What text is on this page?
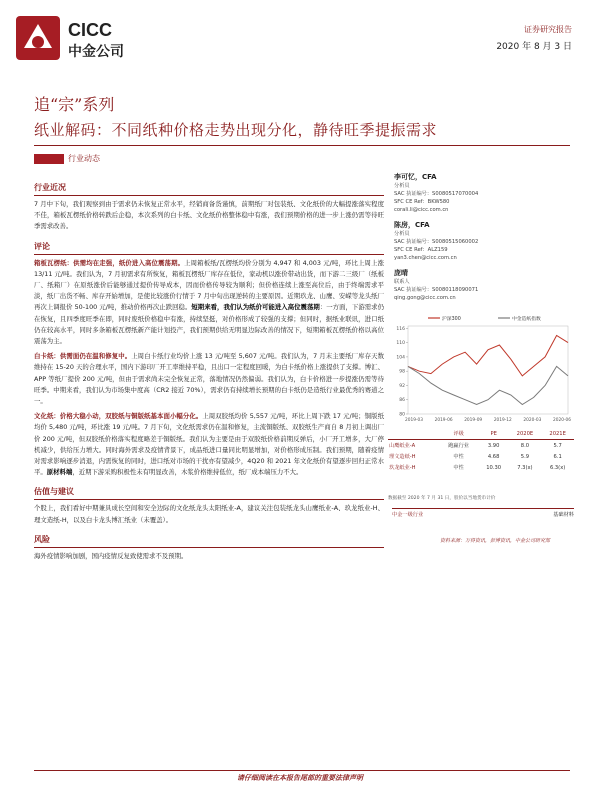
CICC
中金公司
证券研究报告
2020 年 8 月 3 日
追“宗”系列
纸业解码：不同纸种价格走势出现分化，静待旺季提振需求
行业动态
行业近况

7 月中下旬，我们观察到由于需求仍未恢复正常水平，经销商备货谨慎，前期纸厂对包装纸、文化纸价的大幅提涨落实程度不佳，箱板瓦楞纸价格转跌后企稳，本次系列的白卡纸、文化纸价格整体稳中有涨，我们预期价格的进一步上涨仍需等待旺季需求改善。

评论

箱板瓦楞纸：供需均在走强，纸价进入高位震荡期。上周箱板纸/瓦楞纸均价分别为 4,947 和 4,003 元/吨，环比上周上涨 13/11 元/吨。我们认为，7 月初需求有所恢复，箱板瓦楞纸厂库存在低位，家动机以涨价带动出货，而下游二三级厂（纸板厂、纸箱厂）在原纸涨价后能够通过提价传导成本，因而价格传导较为顺利；但价格连续上涨至高位后，由于终端需求平淡，纸厂出货不畅、库存开始增加，是使比较涨价行情于 7 月中旬出现逆转的主要原因。近期玖龙、山鹰、安嵘等龙头纸厂再次上调报价 50-100 元/吨，推动价格再次止跌回稳。短期来看，我们认为纸价可能进入高位震荡期：一方面，下游需求仍在恢复，且四季度旺季在即，同时废纸价格稳中有涨，持续坚挺，对价格形成了较强的支撑；但同时，据纸业联讯，进口纸仍在较高水平，同时多条箱板瓦楞纸新产能计划投产，我们预期供给无明显边际改善的情况下，短期箱板瓦楞纸价格以高位震荡为主。

白卡纸：供需面仍在温和修复中。上周白卡纸行业均价上涨 13 元/吨至 5,607 元/吨。我们认为，7 月末主要纸厂库存天数维持在 15-20 天的合理水平，国内下游印厂开工率维持平稳，且出口一定程度回暖，为白卡纸价格上涨提供了支撑。博汇、APP 等纸厂提价 200 元/吨，但由于需求尚未完全恢复正常，落地情况仍然偏弱。我们认为，白卡价格进一步提涨仍需等待旺季。中期来看，我们认为市场集中度高（CR2 接近 70%），需求仍有持续增长预期的白卡纸仍是造纸行业最优秀的赛道之一。

文化纸：价格大稳小动，双胶纸与铜版纸基本面小幅分化。上周双胶纸均价 5,557 元/吨，环比上周下跌 17 元/吨；铜版纸均价 5,480 元/吨，环比涨 19 元/吨。7 月下旬，文化纸需求仍在温和修复，主流铜版纸、双胶纸生产商自 8 月初上调出厂价 200 元/吨，但双胶纸价格落实程度略差于铜版纸。我们认为主要是由于双胶纸价格前期反弹后，小厂开工增多，大厂停机减少，供给压力增大。同时海外需求及疫情背景下，成品纸进口量同比明显增加，对价格形成压制。我们预期，随着疫情对需求影响逐步消退，内需恢复的同时，进口纸对市场的干扰亦有望减少，4Q20 和 2021 年文化纸价有望逐步回归正常水平。原材料端，近期下游采购积极性未有明显改善，木浆价格维持低位，纸厂成本端压力不大。

估值与建议

个股上，我们看好中期兼具成长空间和安全边际的文化纸龙头太阳纸业-A，建议关注包装纸龙头山鹰纸业-A、玖龙纸业-H、理文造纸-H，以及白卡龙头博汇纸业（未覆盖）。

风险

海外疫情影响加剧，国内疫情反复致使需求不及预期。

李可忆，CFA
分析员
SAC 执证编号：S0080517070004
SFC CE Ref：BKW580
corali.li@cicc.com.cn
陈房，CFA
分析员
SAC 执证编号：S0080515060002
SFC CE Ref：ALZ159
yan3.chen@cicc.com.cn
庞晴
联系人
SAC 执证编号：S0080118090071
qing.gong@cicc.com.cn
80
86
92
98
104
110
116
2019-03	2019-06	2019-09	2019-12	2020-03	2020-06
沪深300	中金造纸指数
	评级	PE	2020E	2021E
山鹰纸业-A	跑赢行业	3.90	8.0	5.7
理文造纸-H	中性	4.68	5.9	6.1
玖龙纸业-H	中性	10.30	7.3(x)	6.3(x)
数据截至 2020 年 7 月 31 日，股价以当地货币计价
中金一级行业	基础材料
资料来源：万得资讯，彭博资讯，中金公司研究部
请仔细阅读在本报告尾部的重要法律声明
